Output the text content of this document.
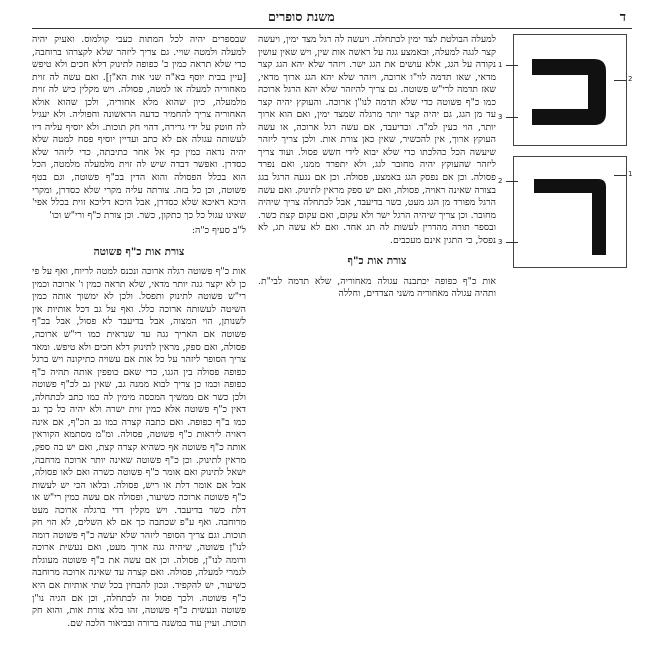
משנת סופרים	ד

שבספרים יהיה לכל המתות כעבי קולמוס. ואעיק יהיה למעלה ולמטה שויי. גם צריך ליזהר שלא לקצרהו ברוחבה, כדי שלא תראה כמין כ' כפופה לתינוק דלא חכים ולא טיפש [עיין בבית יוסף בא"ה שני אות הא"ן]. ואם עשה לה זוית מאחוריה למעלה או למטה, פסולה. ויש מקלין כיש לה זוית מלמעלה, כיון שהוא מלא אחוריה, ולכן שהוא אולא האחוריה צריך להחמיר כדעה הראשונה וחפוליה. ולא יעגיל לה חוטק על ידי גרירה, דהוי חק תוכות. ולא יוסיף עליה דיו לעשותה עגולה אם לא כתב ועדיין יוסיף פסח למטה שלא יהיה נראה כמין כף אל אחר כתיבתה, כדי ליזהר שלא כסדרן. ואפשר דבדה שיש לה זוית מלמעלה מלמטה, הכל הוא בכלל הפסולה והוא הדין בכ"ף פשוטה, וגם בטף פשוטה, וכן כל בזה. צורתה עליה מקרי שלא כסדרן, ומקרי היכא דאיכא שלא כסדרן, אבל היכא דליכא זוית בכלל אפי' שאינו עגול כל כך כתקון, כשר. וכן צורת כ"ף ורי"ש וכו'

ל"ב סעיף כ"ה:

צורת אות כ"ף פשוטה

אות כ"ף פשוטה רגלה ארוכה ונכנס למטה לריוח, ואף על פי כן לא יקצר גגה יותר מדאי, שלא תראה כמין ו' ארוכה וכמין רי"ש פשוטה לתינוק ותפסל. ולכן לא ימשוך אותה כמין השיטה לעשותה ארוכה כלל. ואף על גב דכל אותיות אין לשנותן, הוי המצוה, אבל בדיעבד לא פסול, אבל בכ"ף פשוטה אם האריך גגה עד שנראית כמו רי"ש ארוכה, פסולה, ואם ספק, מראין לתינוק דלא חכים ולא טיפש. ומאד צריך הסופר ליזהר על כל אות אם עשויה כתיקונה ויש ברגל כפופה פסולה בין הגגו, כדי שאם כופפין אותה תהיה כ"ף כפופה וכמו כן צריך לבוא ממנה גב, שאין גב לכ"ף פשוטה ולכן כשר אם ממשיך המכסה מימין לה כמו כתב לכתחלה, דאין כ"ף פשוטה אלא כמין זוית ישרה ולא יהיה כל כך גב כמו ב"ף כפופה. ואם כתבה קצרה כמו גב הכ"ף, אם אינה ראויה ליראות כ"ף פשוטה, פסולה. ומ"מ מסתמא הקוראין אותה כ"ף פשוטה אף כשהיא קצרה קצת, ואם יש בה ספק, מראין לתינוק. וכן כ"ף פשוטה שאינה יותר ארוכה מרחבה, ישאל לתינוק ואם אומר כ"ף פשוטה כשרה ואם לאו פסולה, אבל אם אומר דלת או ריש, פסולה. ובלאו הכי יש לעשות כ"ף פשוטה ארוכה כשיעור, ופסולה אם עשה כמין רי"ש או דלת כשר בדיעבד. ויש מקלין דדי ברגלה ארוכה מעט מרוחבה. ואף ע"פ שכתבה כך אם לא השלים, לא הוי חק תוכות. וגם צריך הסופר ליזהר שלא יעשה כ"ף פשוטה דומה לנו"ן פשוטה, שיהיה גגה ארוך מעט, ואם נעשית ארוכה ודומה לנו"ן, פסולה. וכן אם עשה את כ"ף פשוטה מעוגלת לגמרי למעלה, פסולה. ואם קצרה עד שאינה ארוכה מרוחבה כשיעור, יש להקפיד. ונכון להבחין בכל שתי אותיות אם היא כ"ף פשוטה. ולכך פסול זה לכתחלה, וכן אם הגיה נו"ן פשוטה ונעשית כ"ף פשוטה, זהו בלא צורת אות, והוא חק תוכות. ועיין עוד במשנה ברורה ובביאור הלכה שם.

למעלה הבולטת לצד ימין לכתחלה. ויעשה לה רגל מצד ימין, ויעשה קצר לגגה למעלה, ובאמצע גגה על ראשה אות שין, ויש שאין עושין נקודה על הגג, אלא עושים את הגג ישר. ויזהר שלא יהא הגג קצר מדאי, שאז תדמה לוי"ו ארוכה, ויזהר שלא יהא הגג ארוך מדאי, שאז תדמה לרי"ש פשוטה. גם צריך להיזהר שלא יהא הרגל ארוכה כמו כ"ף פשוטה כדי שלא תדמה לנו"ן ארוכה. והעוקץ יהיה קצר עד מן הגג, גם יהיה קצר יותר מרגלה שמצד ימין, ואם הוא ארוך יותר, הוי כעין למ"ד. ובדיעבד, אם עשה רגל ארוכה, או עשה העוקץ ארוך, אין להכשיר, שאין כאן צורת אות. ולכן צריך ליזהר שיעשה הכל כהלכתו כדי שלא יבוא לידי חשש פסול. ועוד צריך ליזהר שהעוקץ יהיה מחובר לגג, ולא יתפרד ממנו, ואם נפרד פסולה. וכן אם נפסק הגג באמצע, פסולה. וכן אם נגעה הרגל בגג בצורה שאינה ראויה, פסולה, ואם יש ספק מראין לתינוק. ואם עשה הרגל מפורד מן הגג מעט, כשר בדיעבד, אבל לכתחלה צריך שיהיה מחובר. וכן צריך שיהיה הרגל ישר ולא עקום, ואם עקום קצת כשר. ובספר תורה מהדרין לעשות לה תג אחד. ואם לא עשה תג, לא נפסל, כי התגין אינם מעכבים.

צורת אות כ"ף

אות כ"ף כפופה יכתבנה עגולה מאחוריה, שלא תדמה לבי"ת. ותהיה עגולה מאחוריה משני הצדדים, וחללה

1
2
3
1
2
3
